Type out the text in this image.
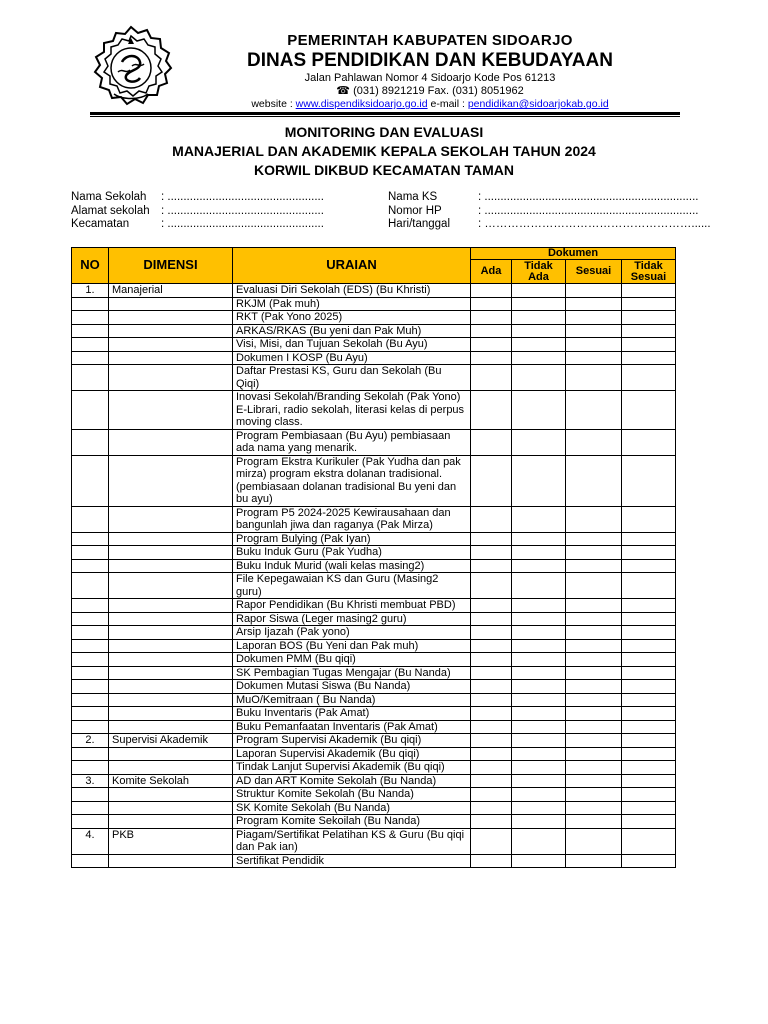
PEMERINTAH KABUPATEN SIDOARJO
DINAS PENDIDIKAN DAN KEBUDAYAAN
Jalan Pahlawan Nomor 4 Sidoarjo Kode Pos 61213
☎ (031) 8921219 Fax. (031) 8051962
website : www.dispendiksidoarjo.go.id e-mail : pendidikan@sidoarjokab.go.id
MONITORING DAN EVALUASI
MANAJERIAL DAN AKADEMIK KEPALA SEKOLAH TAHUN 2024
KORWIL DIKBUD KECAMATAN TAMAN
Nama Sekolah : .................................................
Alamat sekolah : .................................................
Kecamatan	: .................................................
Nama KS	: ...................................................................
Nomor HP	: ...................................................................
Hari/tanggal : ………………………………………………......
NO	DIMENSI	URAIAN	Dokumen			
			Ada	Tidak Ada	Sesuai	Tidak Sesuai
1.	Manajerial	Evaluasi Diri Sekolah (EDS) (Bu Khristi)				
		RKJM (Pak muh)				
		RKT (Pak Yono 2025)				
		ARKAS/RKAS (Bu yeni dan Pak Muh)				
		Visi, Misi, dan Tujuan Sekolah (Bu Ayu)				
		Dokumen I KOSP (Bu Ayu)				
		Daftar Prestasi KS, Guru dan Sekolah (Bu Qiqi)				
		Inovasi Sekolah/Branding Sekolah (Pak Yono) E-Librari, radio sekolah, literasi kelas di perpus moving class.				
		Program Pembiasaan (Bu Ayu) pembiasaan ada nama yang menarik.				
		Program Ekstra Kurikuler (Pak Yudha dan pak mirza) program ekstra dolanan tradisional. (pembiasaan dolanan tradisional Bu yeni dan bu ayu)				
		Program P5 2024-2025 Kewirausahaan dan bangunlah jiwa dan raganya (Pak Mirza)				
		Program Bulying (Pak Iyan)				
		Buku Induk Guru (Pak Yudha)				
		Buku Induk Murid (wali kelas masing2)				
		File Kepegawaian KS dan Guru (Masing2 guru)				
		Rapor Pendidikan (Bu Khristi membuat PBD)				
		Rapor Siswa (Leger masing2 guru)				
		Arsip Ijazah (Pak yono)				
		Laporan BOS (Bu Yeni dan Pak muh)				
		Dokumen PMM (Bu qiqi)				
		SK Pembagian Tugas Mengajar (Bu Nanda)				
		Dokumen Mutasi Siswa (Bu Nanda)				
		MuO/Kemitraan ( Bu Nanda)				
		Buku Inventaris (Pak Amat)				
		Buku Pemanfaatan Inventaris (Pak Amat)				
2.	Supervisi Akademik	Program Supervisi Akademik (Bu qiqi)				
		Laporan Supervisi Akademik (Bu qiqi)				
		Tindak Lanjut Supervisi Akademik (Bu qiqi)				
3.	Komite Sekolah	AD dan ART Komite Sekolah (Bu Nanda)				
		Struktur Komite Sekolah (Bu Nanda)				
		SK Komite Sekolah (Bu Nanda)				
		Program Komite Sekoilah (Bu Nanda)				
4.	PKB	Piagam/Sertifikat Pelatihan KS & Guru (Bu qiqi dan Pak ian)				
		Sertifikat Pendidik				
